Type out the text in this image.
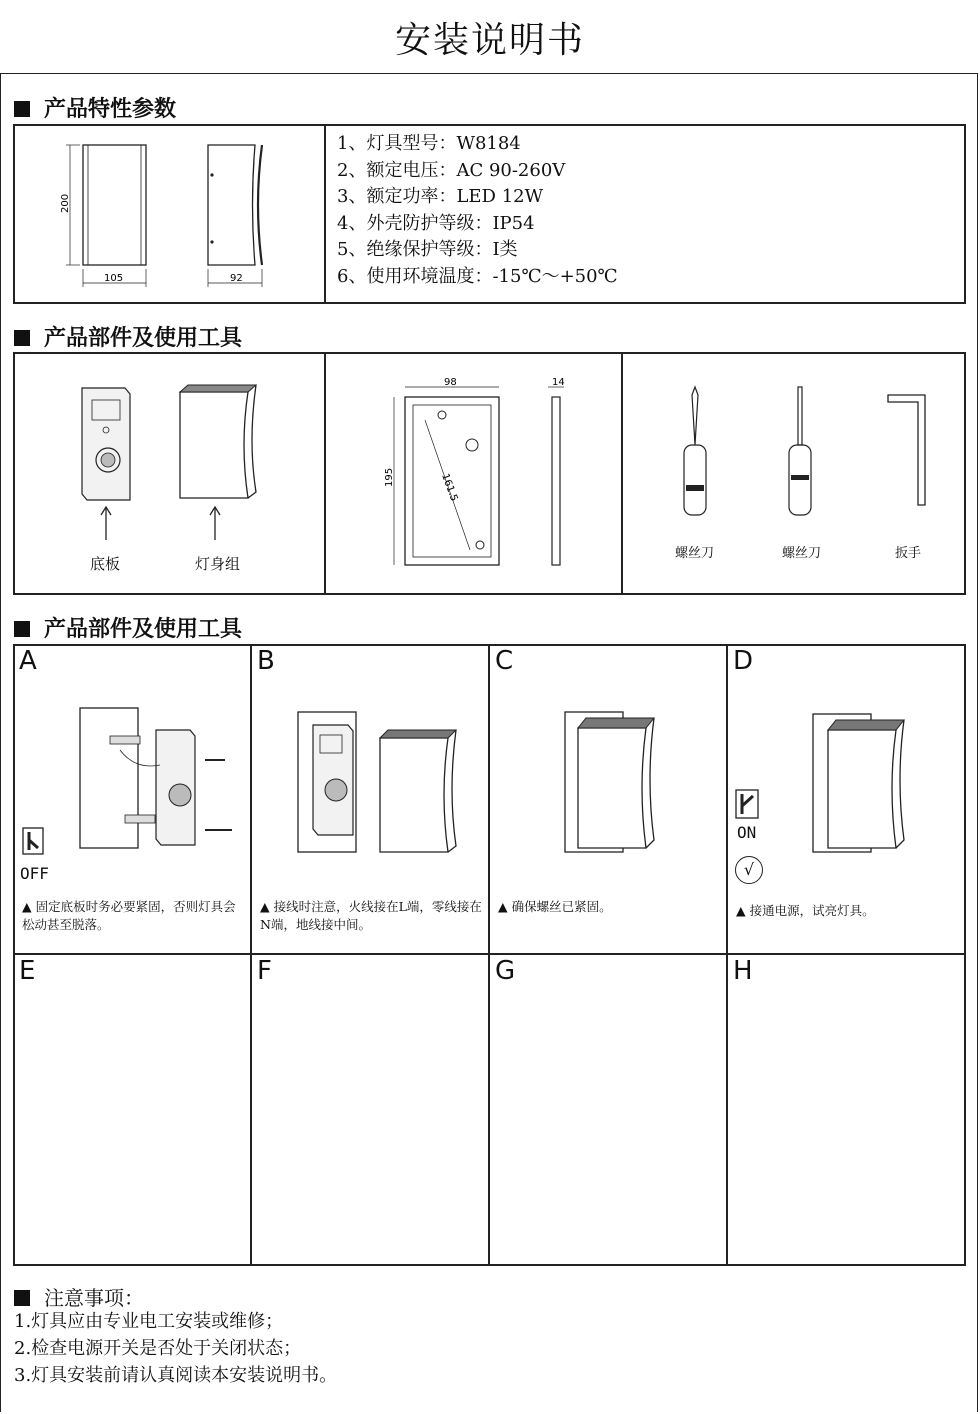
安装说明书
产品特性参数
200
105	92
1、灯具型号：W8184
2、额定电压：AC 90-260V
3、额定功率：LED 12W
4、外壳防护等级：IP54
5、绝缘保护等级：I类
6、使用环境温度：-15℃～+50℃
产品部件及使用工具
底板	灯身组
98
195	161.5
14
螺丝刀	螺丝刀	扳手
产品部件及使用工具
A	B	C	D
E	F	G	H
OFF
▲ 固定底板时务必要紧固，否则灯具会松动甚至脱落。
▲ 接线时注意，火线接在L端，零线接在N端，地线接中间。
▲ 确保螺丝已紧固。
ON
√
▲ 接通电源，试亮灯具。
注意事项：
1.灯具应由专业电工安装或维修；
2.检查电源开关是否处于关闭状态；
3.灯具安装前请认真阅读本安装说明书。
